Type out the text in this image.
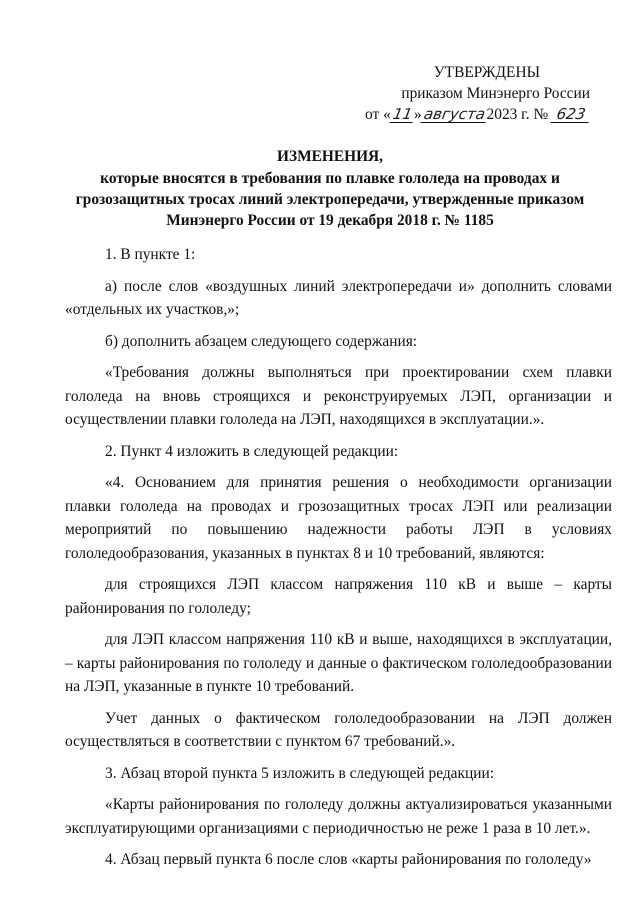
УТВЕРЖДЕНЫ
приказом Минэнерго России
от «11»августа2023 г. № 623
ИЗМЕНЕНИЯ,
которые вносятся в требования по плавке гололеда на проводах и
грозозащитных тросах линий электропередачи, утвержденные приказом
Минэнерго России от 19 декабря 2018 г. № 1185

1. В пункте 1:

а) после слов «воздушных линий электропередачи и» дополнить словами «отдельных их участков,»;

б) дополнить абзацем следующего содержания:

«Требования должны выполняться при проектировании схем плавки гололеда на вновь строящихся и реконструируемых ЛЭП, организации и осуществлении плавки гололеда на ЛЭП, находящихся в эксплуатации.».

2. Пункт 4 изложить в следующей редакции:

«4. Основанием для принятия решения о необходимости организации плавки гололеда на проводах и грозозащитных тросах ЛЭП или реализации мероприятий по повышению надежности работы ЛЭП в условиях гололедообразования, указанных в пунктах 8 и 10 требований, являются:

для строящихся ЛЭП классом напряжения 110 кВ и выше – карты районирования по гололеду;

для ЛЭП классом напряжения 110 кВ и выше, находящихся в эксплуатации, – карты районирования по гололеду и данные о фактическом гололедообразовании на ЛЭП, указанные в пункте 10 требований.

Учет данных о фактическом гололедообразовании на ЛЭП должен осуществляться в соответствии с пунктом 67 требований.».

3. Абзац второй пункта 5 изложить в следующей редакции:

«Карты районирования по гололеду должны актуализироваться указанными эксплуатирующими организациями с периодичностью не реже 1 раза в 10 лет.».

4. Абзац первый пункта 6 после слов «карты районирования по гололеду»
